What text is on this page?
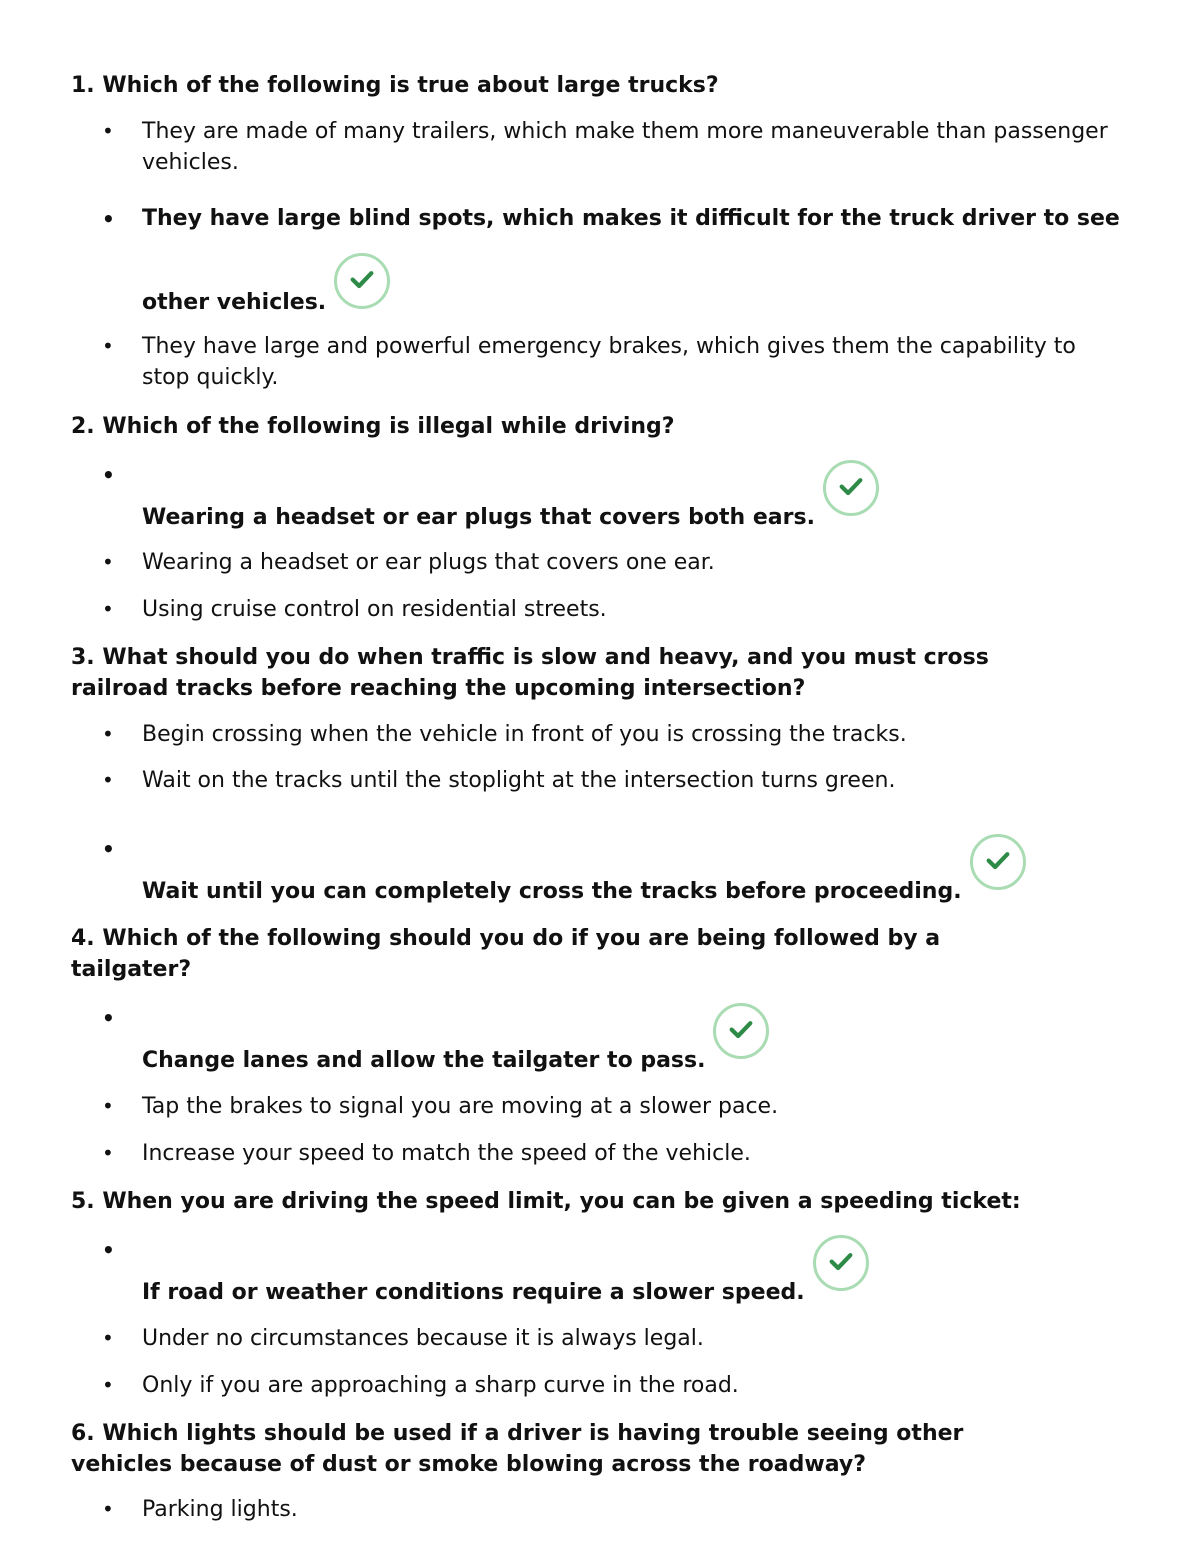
1. Which of the following is true about large trucks?

• They are made of many trailers, which make them more maneuverable than passenger vehicles.
• They have large blind spots, which makes it difficult for the truck driver to see other vehicles.
• They have large and powerful emergency brakes, which gives them the capability to stop quickly.

2. Which of the following is illegal while driving?

•
Wearing a headset or ear plugs that covers both ears.
• Wearing a headset or ear plugs that covers one ear.
• Using cruise control on residential streets.

3. What should you do when traffic is slow and heavy, and you must cross railroad tracks before reaching the upcoming intersection?

• Begin crossing when the vehicle in front of you is crossing the tracks.
• Wait on the tracks until the stoplight at the intersection turns green.
•
Wait until you can completely cross the tracks before proceeding.

4. Which of the following should you do if you are being followed by a tailgater?

•
Change lanes and allow the tailgater to pass.
• Tap the brakes to signal you are moving at a slower pace.
• Increase your speed to match the speed of the vehicle.

5. When you are driving the speed limit, you can be given a speeding ticket:

•
If road or weather conditions require a slower speed.
• Under no circumstances because it is always legal.
• Only if you are approaching a sharp curve in the road.

6. Which lights should be used if a driver is having trouble seeing other vehicles because of dust or smoke blowing across the roadway?

• Parking lights.
